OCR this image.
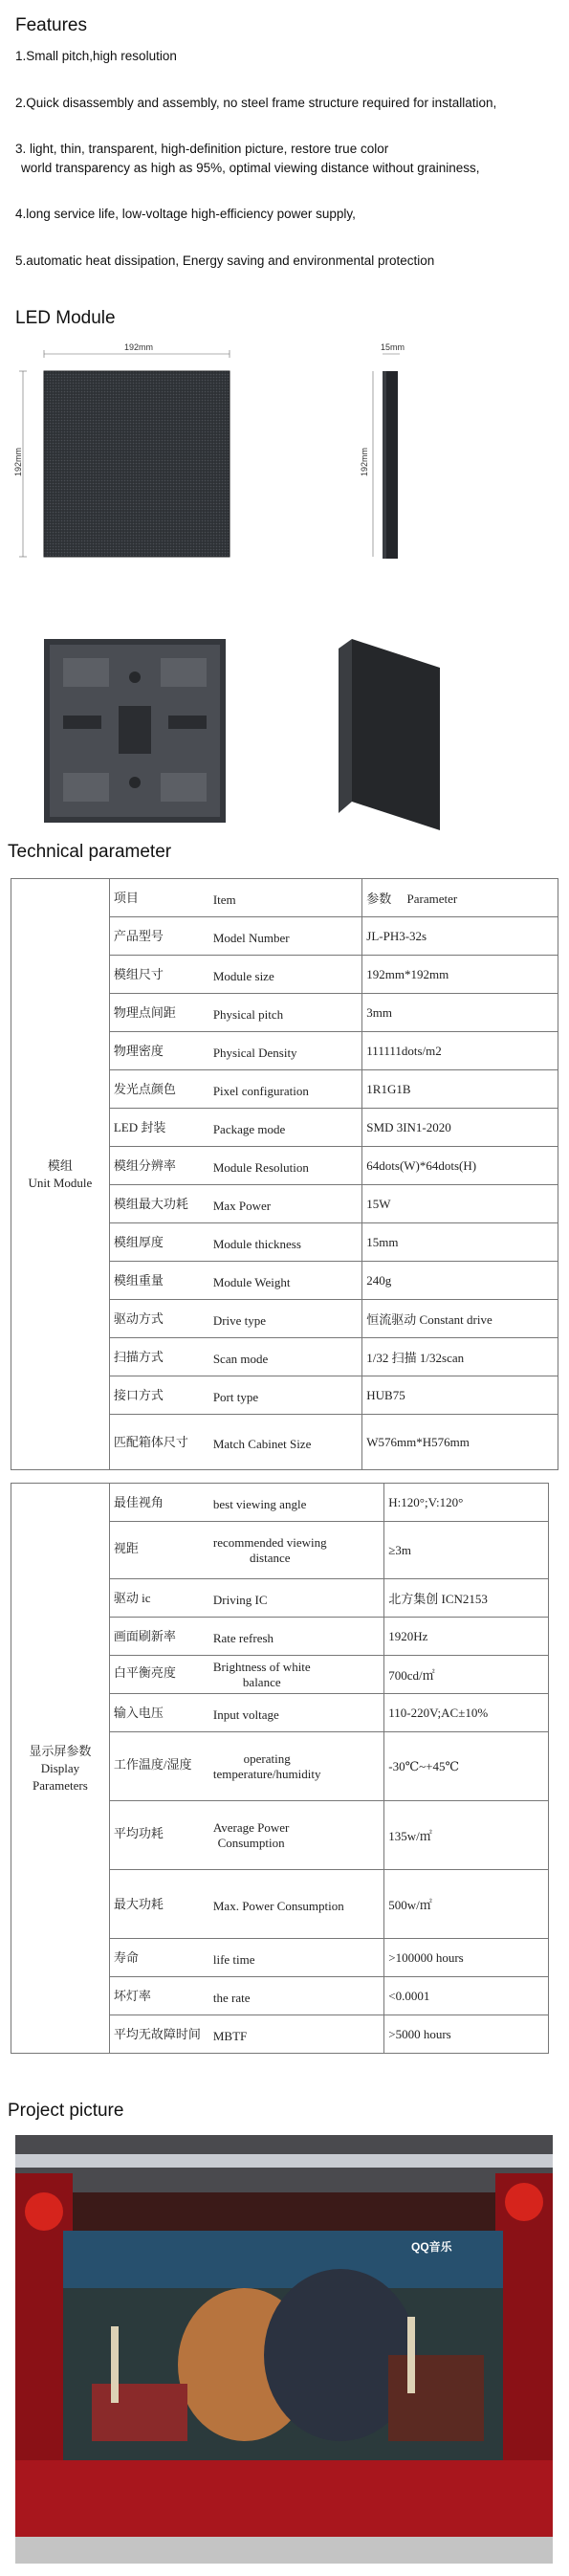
Features
1.Small pitch,high resolution
2.Quick disassembly and assembly, no steel frame structure required for installation,
3. light, thin, transparent, high-definition picture, restore true color
world transparency as high as 95%, optimal viewing distance without graininess,
4.long service life, low-voltage high-efficiency power supply,
5.automatic heat dissipation, Energy saving and environmental protection
LED Module
192mm
192mm
15mm
192mm
Technical parameter
模组
Unit Module	项目 Item	参数　 Parameter
	产品型号 Model Number	JL-PH3-32s
	模组尺寸 Module size	192mm*192mm
	物理点间距 Physical pitch	3mm
	物理密度 Physical Density	111111dots/m2
	发光点颜色 Pixel configuration	1R1G1B
	LED 封装 Package mode	SMD 3IN1-2020
	模组分辨率 Module Resolution	64dots(W)*64dots(H)
	模组最大功耗 Max Power	15W
	模组厚度 Module thickness	15mm
	模组重量 Module Weight	240g
	驱动方式 Drive type	恒流驱动 Constant drive
	扫描方式 Scan mode	1/32 扫描 1/32scan
	接口方式 Port type	HUB75
	匹配箱体尺寸 Match Cabinet Size	W576mm*H576mm
显示屏参数
Display
Parameters	最佳视角 best viewing angle	H:120°;V:120°
	视距 recommended viewing
distance	≥3m
	驱动 ic Driving IC	北方集创 ICN2153
	画面刷新率 Rate refresh	1920Hz
	白平衡亮度 Brightness of white
balance	700cd/㎡
	输入电压 Input voltage	110-220V;AC±10%
	工作温度/湿度 operating
temperature/humidity	-30℃~+45℃
	平均功耗 Average Power
Consumption	135w/㎡
	最大功耗 Max. Power Consumption	500w/㎡
	寿命 life time	>100000 hours
	坏灯率 the rate	<0.0001
	平均无故障时间 MBTF	>5000 hours
Project picture
QQ音乐
